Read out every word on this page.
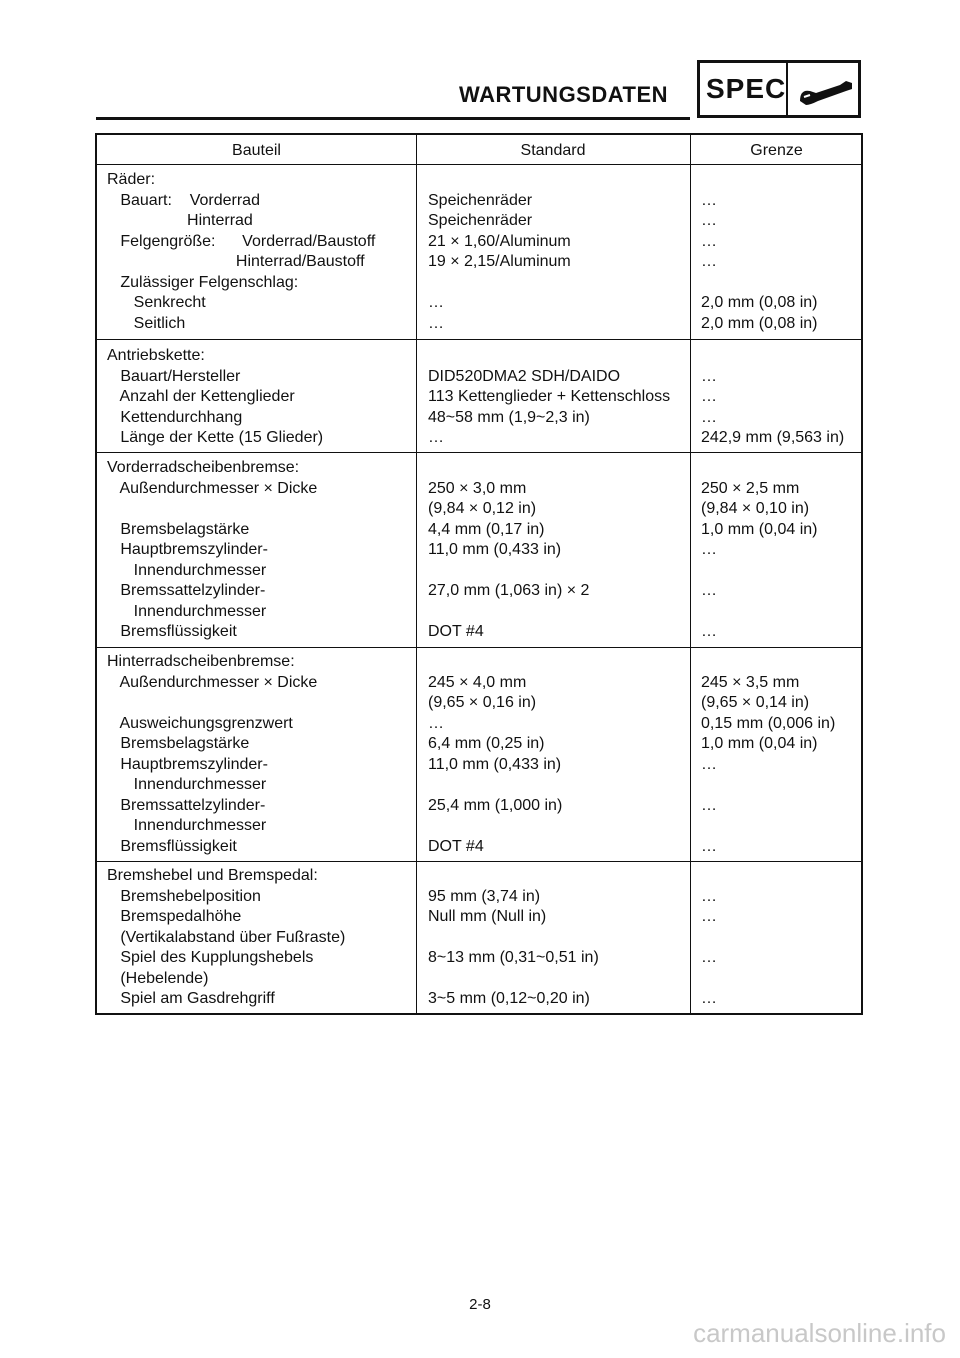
WARTUNGSDATEN SPEC
Bauteil	Standard	Grenze
Räder:
Bauart:    Vorderrad
Hinterrad
Felgengröße:      Vorderrad/Baustoff
Hinterrad/Baustoff
Zulässiger Felgenschlag:
Senkrecht
Seitlich

Speichenräder
Speichenräder
21 × 1,60/Aluminum
19 × 2,15/Aluminum

…
…

…
…
…
…

2,0 mm (0,08 in)
2,0 mm (0,08 in)
Antriebskette:
Bauart/Hersteller
Anzahl der Kettenglieder
Kettendurchhang
Länge der Kette (15 Glieder)

DID520DMA2 SDH/DAIDO
113 Kettenglieder + Kettenschloss
48~58 mm (1,9~2,3 in)
…

…
…
…
242,9 mm (9,563 in)
Vorderradscheibenbremse:
Außendurchmesser × Dicke

Bremsbelagstärke
Hauptbremszylinder-
Innendurchmesser
Bremssattelzylinder-
Innendurchmesser
Bremsflüssigkeit

250 × 3,0 mm
(9,84 × 0,12 in)
4,4 mm (0,17 in)
11,0 mm (0,433 in)

27,0 mm (1,063 in) × 2

DOT #4

250 × 2,5 mm
(9,84 × 0,10 in)
1,0 mm (0,04 in)
…

…

…
Hinterradscheibenbremse:
Außendurchmesser × Dicke

Ausweichungsgrenzwert
Bremsbelagstärke
Hauptbremszylinder-
Innendurchmesser
Bremssattelzylinder-
Innendurchmesser
Bremsflüssigkeit

245 × 4,0 mm
(9,65 × 0,16 in)
…
6,4 mm (0,25 in)
11,0 mm (0,433 in)

25,4 mm (1,000 in)

DOT #4

245 × 3,5 mm
(9,65 × 0,14 in)
0,15 mm (0,006 in)
1,0 mm (0,04 in)
…

…

…
Bremshebel und Bremspedal:
Bremshebelposition
Bremspedalhöhe
(Vertikalabstand über Fußraste)
Spiel des Kupplungshebels
(Hebelende)
Spiel am Gasdrehgriff

95 mm (3,74 in)
Null mm (Null in)

8~13 mm (0,31~0,51 in)

3~5 mm (0,12~0,20 in)

…
…

…

…
2-8
carmanualsonline.info
